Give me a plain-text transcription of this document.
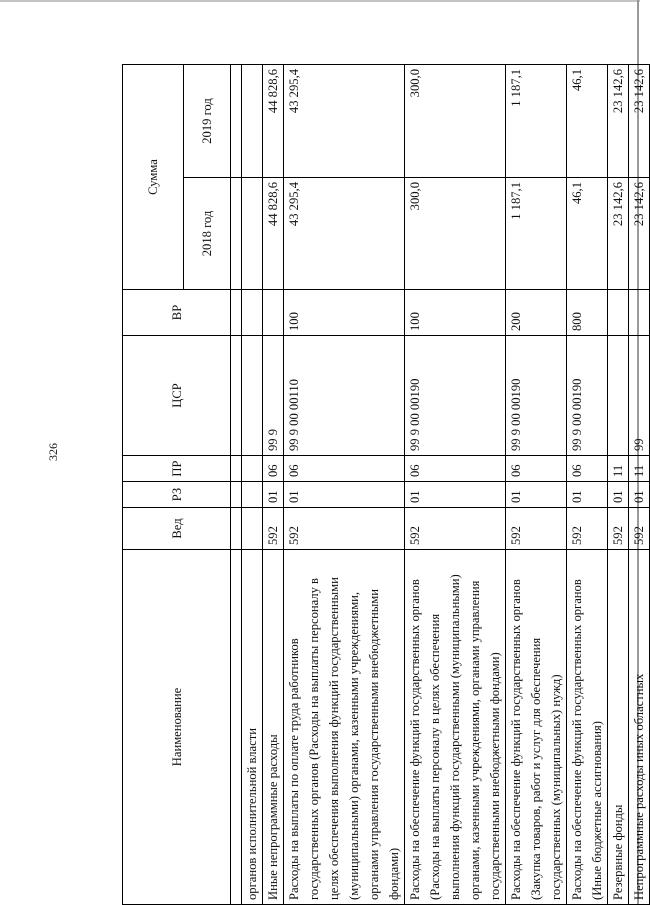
326
Наименование	Вед	РЗ	ПР	ЦСР	ВР	Сумма	
						2018 год	2019 год

органов исполнительной власти							
Иные непрограммные расходы	592	01	06	99 9		44 828,6	44 828,6
Расходы на выплаты по оплате труда работников государственных органов (Расходы на выплаты персоналу в целях обеспечения выполнения функций государственными (муниципальными) органами, казенными учреждениями, органами управления государственными внебюджетными фондами)	592	01	06	99 9 00 00110	100	43 295,4	43 295,4
Расходы на обеспечение функций государственных органов (Расходы на выплаты персоналу в целях обеспечения выполнения функций государственными (муниципальными) органами, казенными учреждениями, органами управления государственными внебюджетными фондами)	592	01	06	99 9 00 00190	100	300,0	300,0
Расходы на обеспечение функций государственных органов (Закупка товаров, работ и услуг для обеспечения государственных (муниципальных) нужд)	592	01	06	99 9 00 00190	200	1 187,1	1 187,1
Расходы на обеспечение функций государственных органов (Иные бюджетные ассигнования)	592	01	06	99 9 00 00190	800	46,1	46,1
Резервные фонды	592	01	11			23 142,6	23 142,6
Непрограммные расходы иных областных	592	01	11	99		23 142,6	23 142,6
